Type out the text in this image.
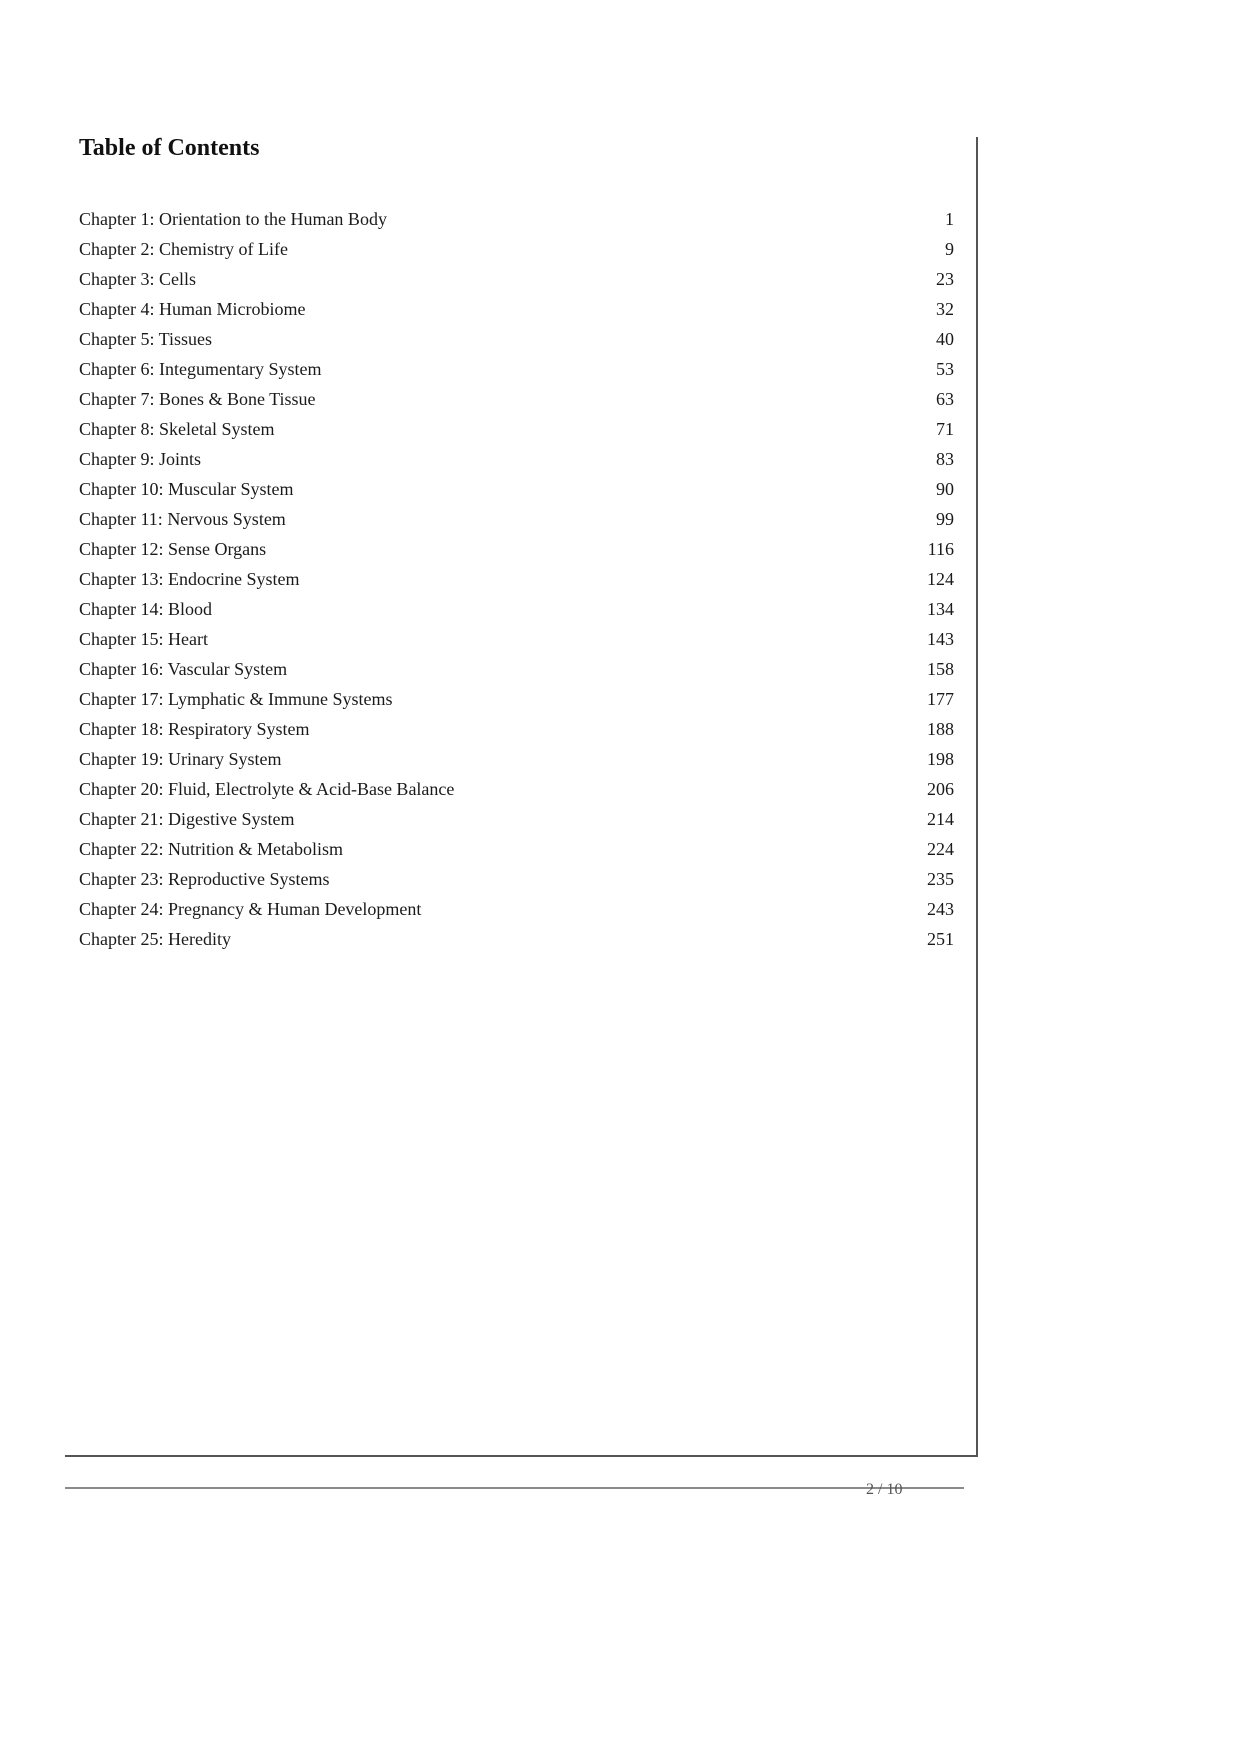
Table of Contents
Chapter 1: Orientation to the Human Body	1
Chapter 2: Chemistry of Life	9
Chapter 3: Cells	23
Chapter 4: Human Microbiome	32
Chapter 5: Tissues	40
Chapter 6: Integumentary System	53
Chapter 7: Bones & Bone Tissue	63
Chapter 8: Skeletal System	71
Chapter 9: Joints	83
Chapter 10: Muscular System	90
Chapter 11: Nervous System	99
Chapter 12: Sense Organs	116
Chapter 13: Endocrine System	124
Chapter 14: Blood	134
Chapter 15: Heart	143
Chapter 16: Vascular System	158
Chapter 17: Lymphatic & Immune Systems	177
Chapter 18: Respiratory System	188
Chapter 19: Urinary System	198
Chapter 20: Fluid, Electrolyte & Acid-Base Balance	206
Chapter 21: Digestive System	214
Chapter 22: Nutrition & Metabolism	224
Chapter 23: Reproductive Systems	235
Chapter 24: Pregnancy & Human Development	243
Chapter 25: Heredity	251
2 / 10
